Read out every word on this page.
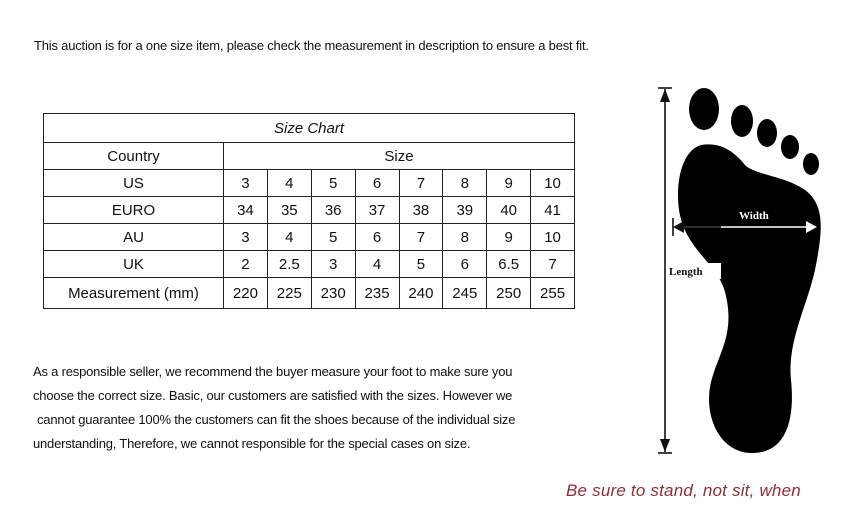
This auction is for a one size item, please check the measurement in description to ensure a best fit.
Size Chart								
Country	Size							
US	3	4	5	6	7	8	9	10
EURO	34	35	36	37	38	39	40	41
AU	3	4	5	6	7	8	9	10
UK	2	2.5	3	4	5	6	6.5	7
Measurement (mm)	220	225	230	235	240	245	250	255
As a responsible seller, we recommend the buyer measure your foot to make sure you
choose the correct size. Basic, our customers are satisfied with the sizes. However we
cannot guarantee 100% the customers can fit the shoes because of the individual size
understanding, Therefore, we cannot responsible for the special cases on size.
Length
Width
Be sure to stand, not sit, when
